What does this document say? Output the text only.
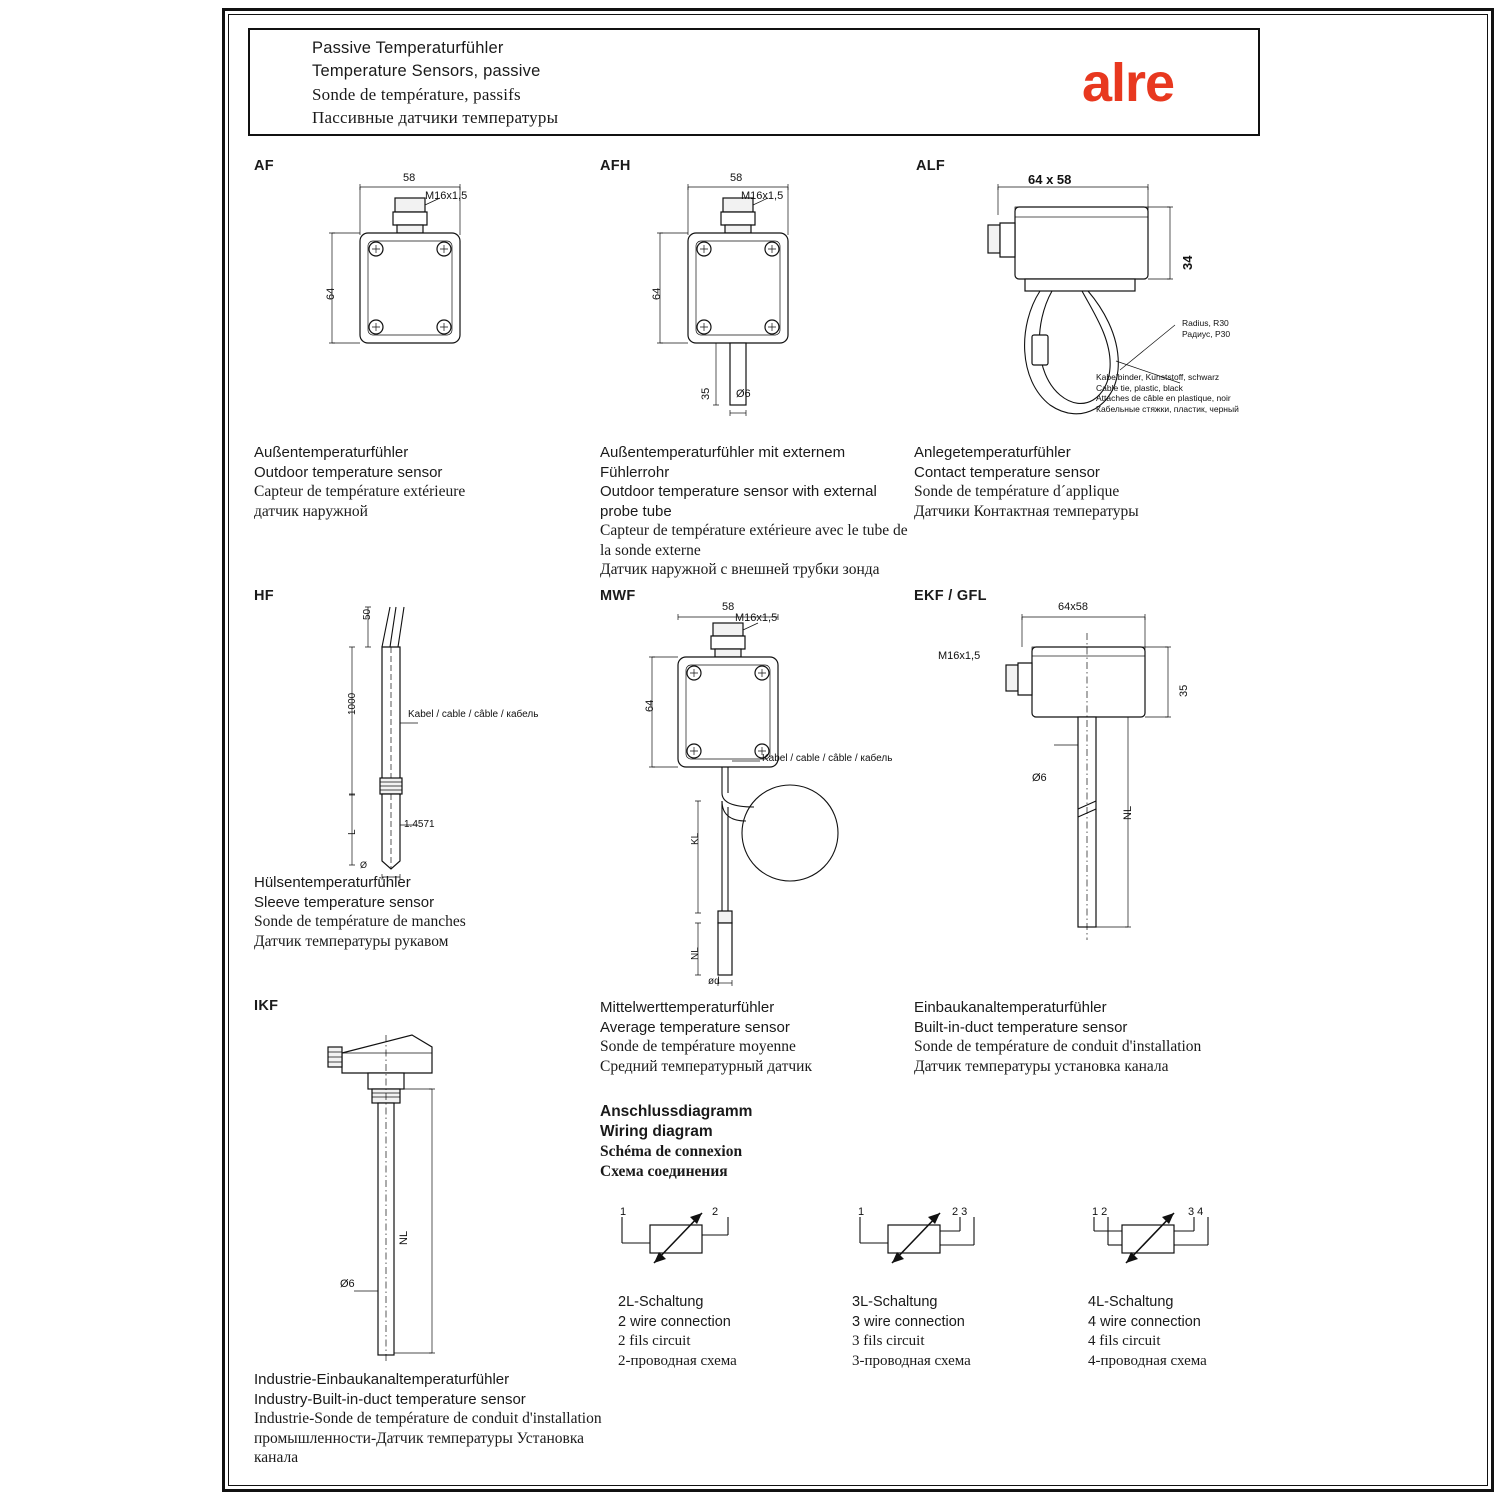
Passive Temperaturfühler
Temperature Sensors, passive
Sonde de température, passifs
Пассивные датчики температуры
alre
AF
58
64
M16x1,5
Außentemperaturfühler
Outdoor temperature sensor
Capteur de température extérieure
датчик наружной
AFH
58
64
M16x1,5
35 Ø6
Außentemperaturfühler mit externem Fühlerrohr
Outdoor temperature sensor with external probe tube
Capteur de température extérieure avec le tube de la sonde externe
Датчик наружной с внешней трубки зонда
ALF
64 x 58
34
Radius, R30
Радиус, Р30
Kabelbinder, Kunststoff, schwarz
Cable tie, plastic, black
Attaches de câble en plastique, noir
Кабельные стяжки, пластик, черный
Anlegetemperaturfühler
Contact temperature sensor
Sonde de température d´applique
Датчики Контактная температуры
HF
50
1000
L
Ø
Kabel / cable / câble / кабель
1.4571
Hülsentemperaturfühler
Sleeve temperature sensor
Sonde de température de manches
Датчик температуры рукавом
MWF
58
64
M16x1,5
KL
NL
ød
Kabel / cable / câble / кабель
Mittelwerttemperaturfühler
Average temperature sensor
Sonde de température moyenne
Средний температурный датчик
EKF / GFL
64x58
35
M16x1,5
Ø6
NL
Einbaukanaltemperaturfühler
Built-in-duct temperature sensor
Sonde de température de conduit d'installation
Датчик температуры установка канала
IKF
Ø6
NL
Industrie-Einbaukanaltemperaturfühler
Industry-Built-in-duct temperature sensor
Industrie-Sonde de température de conduit d'installation
промышленности-Датчик температуры Установка канала
Anschlussdiagramm
Wiring diagram
Schéma de connexion
Схема соединения
1	2
2L-Schaltung
2 wire connection
2 fils circuit
2-проводная схема
1	2 3
3L-Schaltung
3 wire connection
3 fils circuit
3-проводная схема
1 2	3 4
4L-Schaltung
4 wire connection
4 fils circuit
4-проводная схема
